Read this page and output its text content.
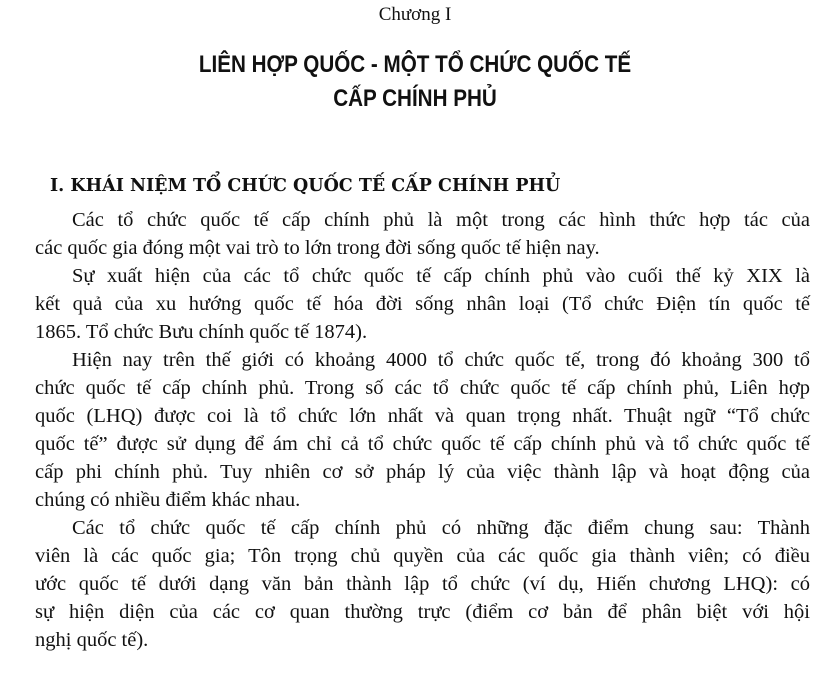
Chương I
LIÊN HỢP QUỐC - MỘT TỔ CHỨC QUỐC TẾ
CẤP CHÍNH PHỦ
I. KHÁI NIỆM TỔ CHỨC QUỐC TẾ CẤP CHÍNH PHỦ

Các tổ chức quốc tế cấp chính phủ là một trong các hình thức hợp tác của
các quốc gia đóng một vai trò to lớn trong đời sống quốc tế hiện nay.

Sự xuất hiện của các tổ chức quốc tế cấp chính phủ vào cuối thế kỷ XIX là
kết quả của xu hướng quốc tế hóa đời sống nhân loại (Tổ chức Điện tín quốc tế
1865. Tổ chức Bưu chính quốc tế 1874).

Hiện nay trên thế giới có khoảng 4000 tổ chức quốc tế, trong đó khoảng 300 tổ
chức quốc tế cấp chính phủ. Trong số các tổ chức quốc tế cấp chính phủ, Liên hợp
quốc (LHQ) được coi là tổ chức lớn nhất và quan trọng nhất. Thuật ngữ “Tổ chức
quốc tế” được sử dụng để ám chỉ cả tổ chức quốc tế cấp chính phủ và tổ chức quốc tế
cấp phi chính phủ. Tuy nhiên cơ sở pháp lý của việc thành lập và hoạt động của
chúng có nhiều điểm khác nhau.

Các tổ chức quốc tế cấp chính phủ có những đặc điểm chung sau: Thành
viên là các quốc gia; Tôn trọng chủ quyền của các quốc gia thành viên; có điều
ước quốc tế dưới dạng văn bản thành lập tổ chức (ví dụ, Hiến chương LHQ): có
sự hiện diện của các cơ quan thường trực (điểm cơ bản để phân biệt với hội
nghị quốc tế).
